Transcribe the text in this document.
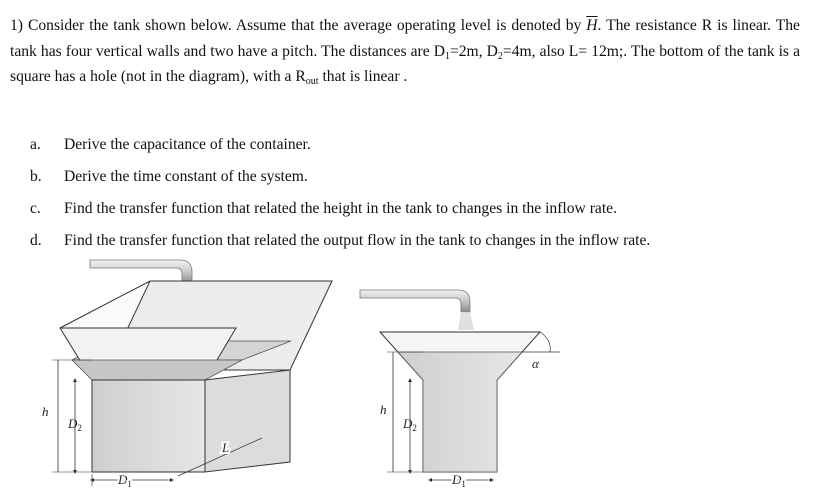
1) Consider the tank shown below. Assume that the average operating level is denoted by $\overline{H}$. The resistance R is linear. The tank has four vertical walls and two have a pitch. The distances are $D_1=2m$, $D_2=4m$, also L= 12m;. The bottom of the tank is a square has a hole (not in the diagram), with a $R_{out}$ that is linear .
a. Derive the capacitance of the container.
b. Derive the time constant of the system.
c. Find the transfer function that related the height in the tank to changes in the inflow rate.
d. Find the transfer function that related the output flow in the tank to changes in the inflow rate.
h
$D_2$
$D_1$
L
α
h
$D_2$
$D_1$
